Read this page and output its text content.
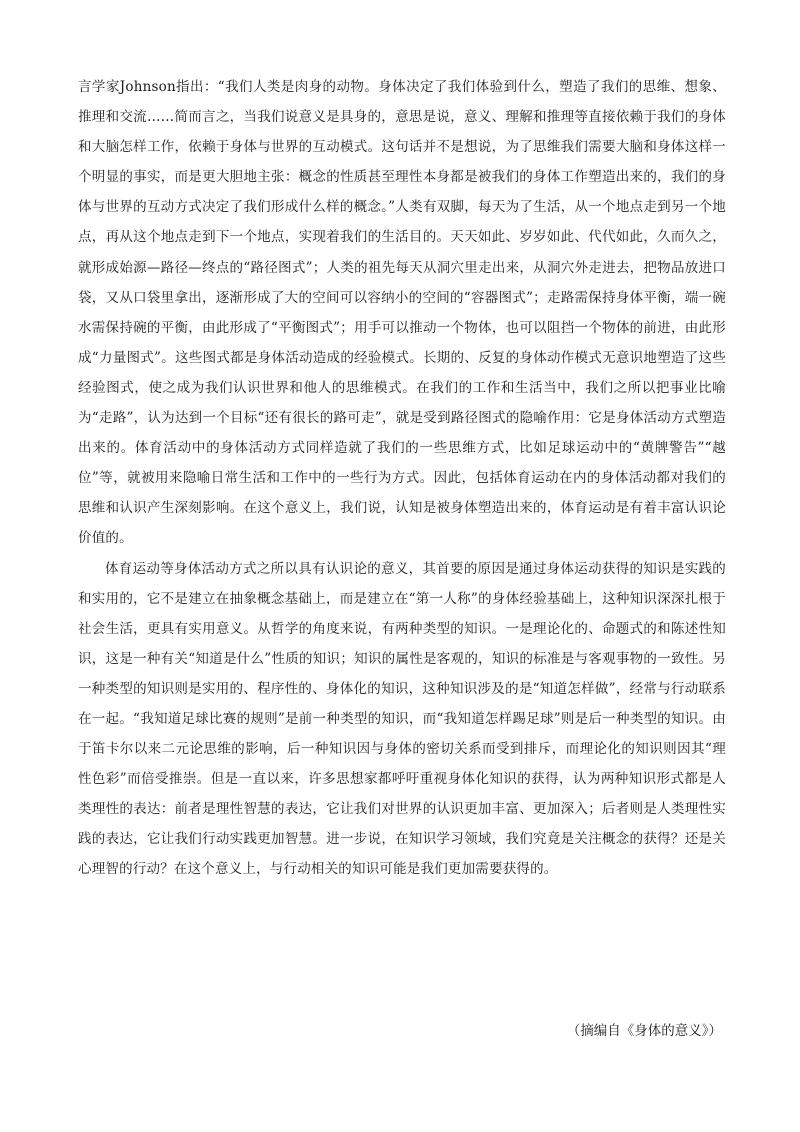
言学家Johnson指出：“我们人类是肉身的动物。身体决定了我们体验到什么，塑造了我们的思维、想象、推理和交流……简而言之，当我们说意义是具身的，意思是说，意义、理解和推理等直接依赖于我们的身体和大脑怎样工作，依赖于身体与世界的互动模式。这句话并不是想说，为了思维我们需要大脑和身体这样一个明显的事实，而是更大胆地主张：概念的性质甚至理性本身都是被我们的身体工作塑造出来的，我们的身体与世界的互动方式决定了我们形成什么样的概念。”人类有双脚，每天为了生活，从一个地点走到另一个地点，再从这个地点走到下一个地点，实现着我们的生活目的。天天如此、岁岁如此、代代如此，久而久之，就形成始源—路径—终点的“路径图式”；人类的祖先每天从洞穴里走出来，从洞穴外走进去，把物品放进口袋，又从口袋里拿出，逐渐形成了大的空间可以容纳小的空间的“容器图式”；走路需保持身体平衡，端一碗水需保持碗的平衡，由此形成了“平衡图式”；用手可以推动一个物体，也可以阻挡一个物体的前进，由此形成“力量图式”。这些图式都是身体活动造成的经验模式。长期的、反复的身体动作模式无意识地塑造了这些经验图式，使之成为我们认识世界和他人的思维模式。在我们的工作和生活当中，我们之所以把事业比喻为“走路”，认为达到一个目标“还有很长的路可走”，就是受到路径图式的隐喻作用：它是身体活动方式塑造出来的。体育活动中的身体活动方式同样造就了我们的一些思维方式，比如足球运动中的“黄牌警告”“越位”等，就被用来隐喻日常生活和工作中的一些行为方式。因此，包括体育运动在内的身体活动都对我们的思维和认识产生深刻影响。在这个意义上，我们说，认知是被身体塑造出来的，体育运动是有着丰富认识论价值的。

体育运动等身体活动方式之所以具有认识论的意义，其首要的原因是通过身体运动获得的知识是实践的和实用的，它不是建立在抽象概念基础上，而是建立在“第一人称”的身体经验基础上，这种知识深深扎根于社会生活，更具有实用意义。从哲学的角度来说，有两种类型的知识。一是理论化的、命题式的和陈述性知识，这是一种有关“知道是什么”性质的知识；知识的属性是客观的，知识的标准是与客观事物的一致性。另一种类型的知识则是实用的、程序性的、身体化的知识，这种知识涉及的是“知道怎样做”，经常与行动联系在一起。“我知道足球比赛的规则”是前一种类型的知识，而“我知道怎样踢足球”则是后一种类型的知识。由于笛卡尔以来二元论思维的影响，后一种知识因与身体的密切关系而受到排斥，而理论化的知识则因其“理性色彩”而倍受推崇。但是一直以来，许多思想家都呼吁重视身体化知识的获得，认为两种知识形式都是人类理性的表达：前者是理性智慧的表达，它让我们对世界的认识更加丰富、更加深入；后者则是人类理性实践的表达，它让我们行动实践更加智慧。进一步说，在知识学习领域，我们究竟是关注概念的获得？还是关心理智的行动？在这个意义上，与行动相关的知识可能是我们更加需要获得的。

（摘编自《身体的意义》）
